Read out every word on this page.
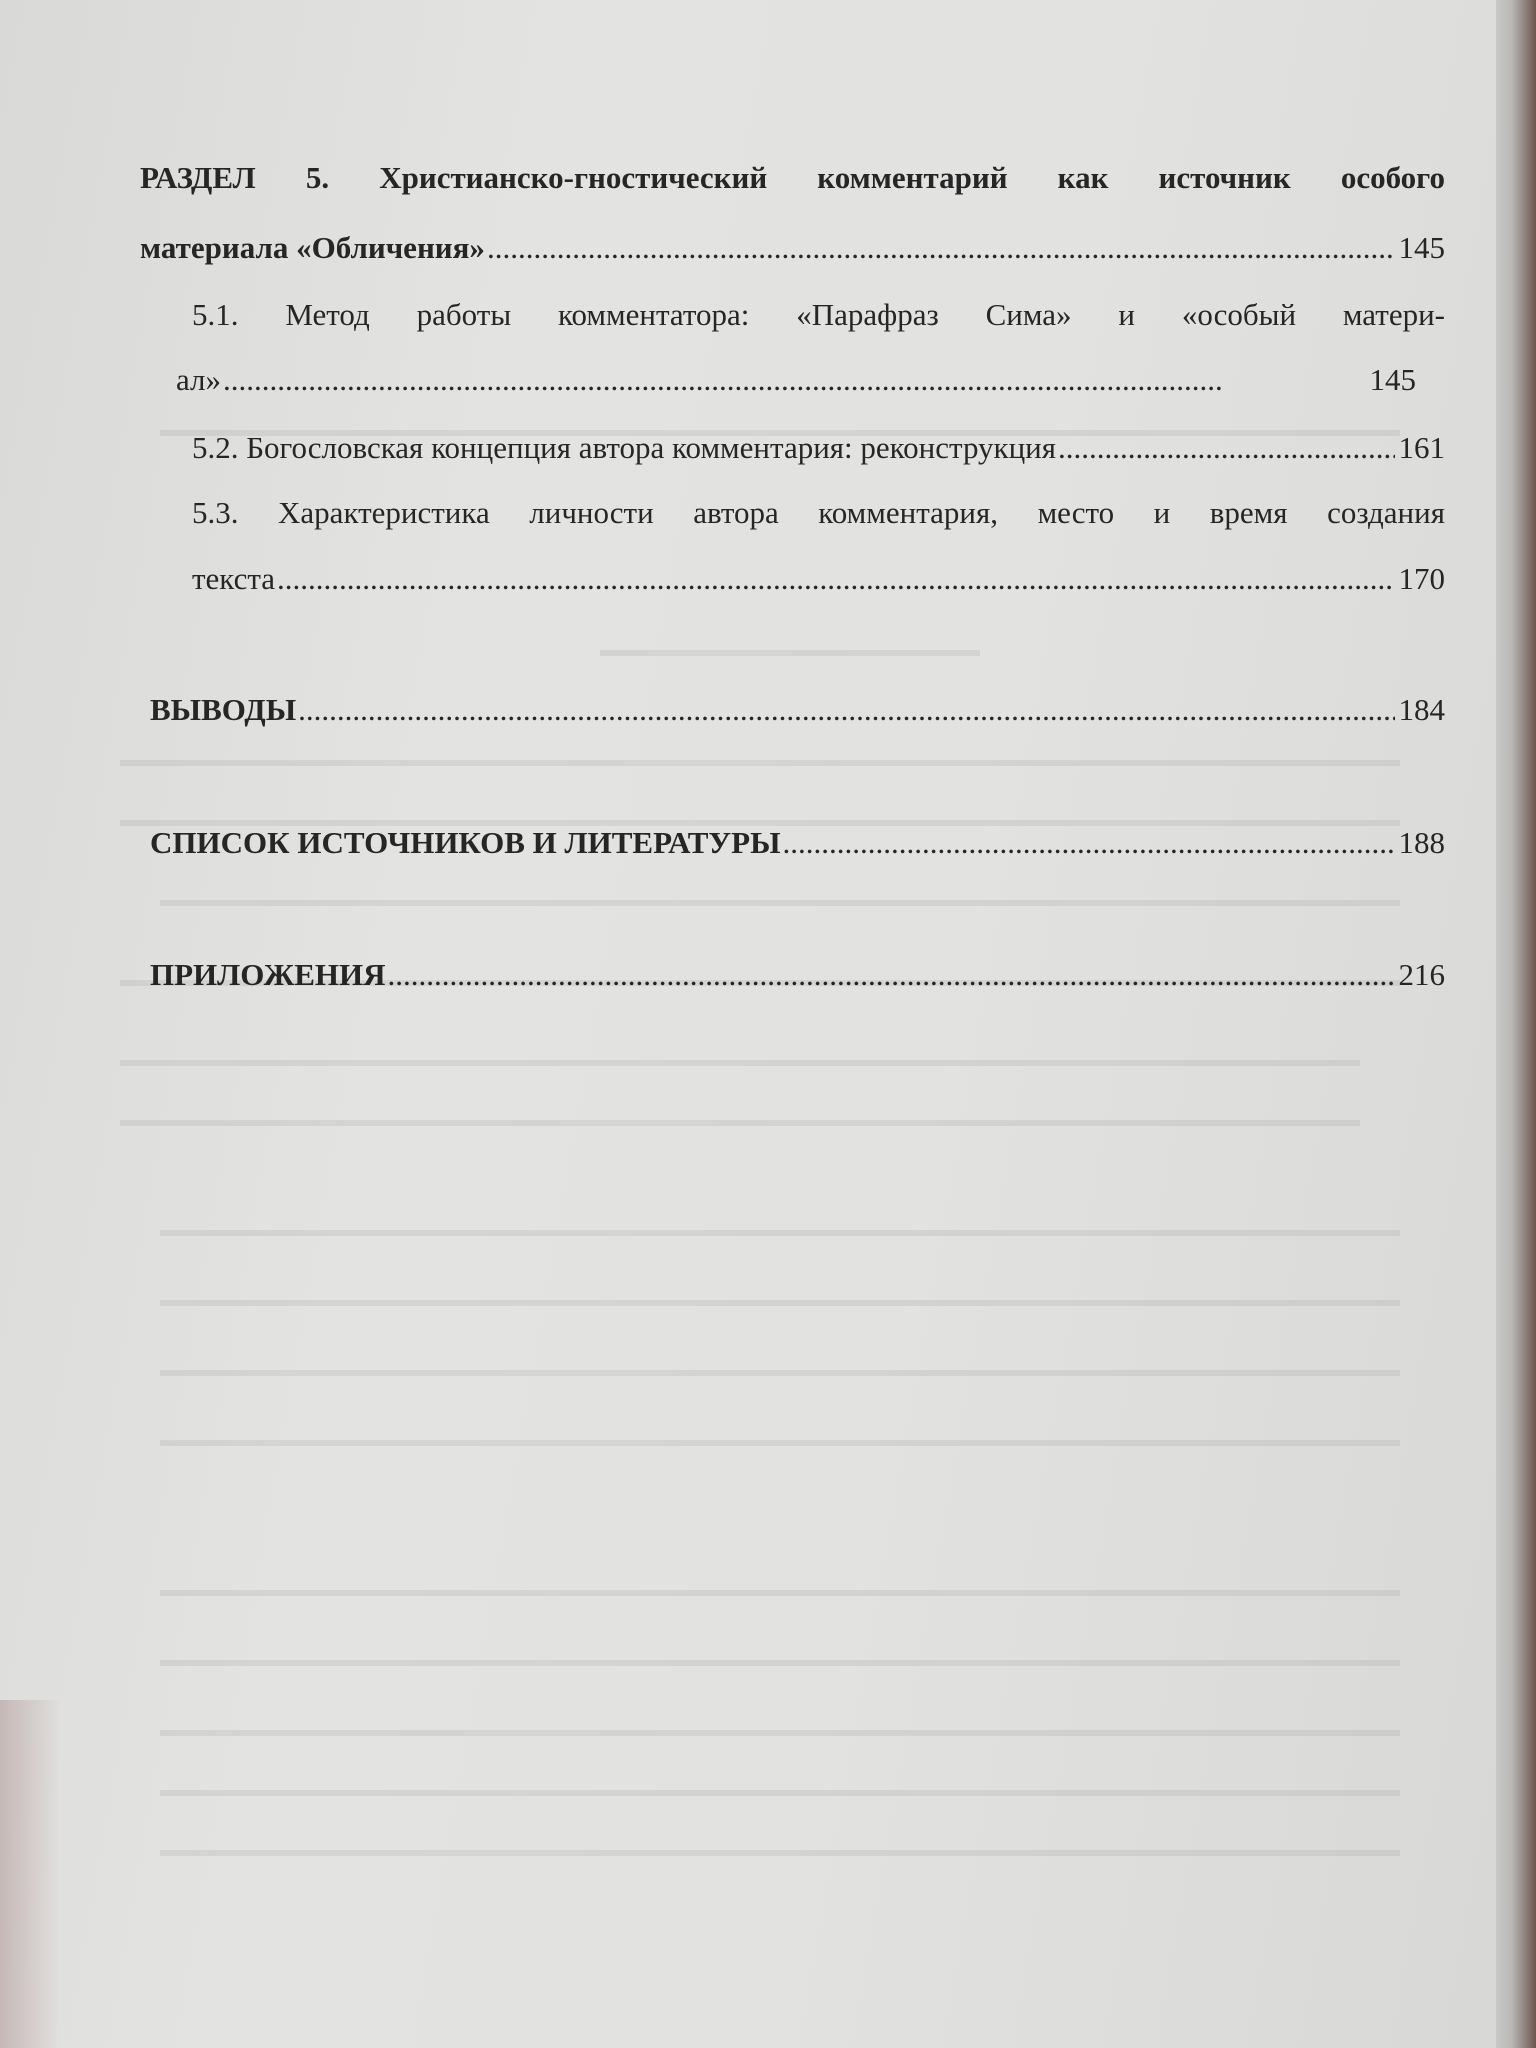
РАЗДЕЛ 5. Христианско-гностический комментарий как источник особого
материала «Обличения» .....	145
5.1. Метод работы комментатора: «Парафраз Сима» и «особый матери-
ал» .....	145
5.2. Богословская концепция автора комментария: реконструкция .....	161
5.3. Характеристика личности автора комментария, место и время создания
текста .....	170
ВЫВОДЫ .....	184
СПИСОК ИСТОЧНИКОВ И ЛИТЕРАТУРЫ .....	188
ПРИЛОЖЕНИЯ .....	216
